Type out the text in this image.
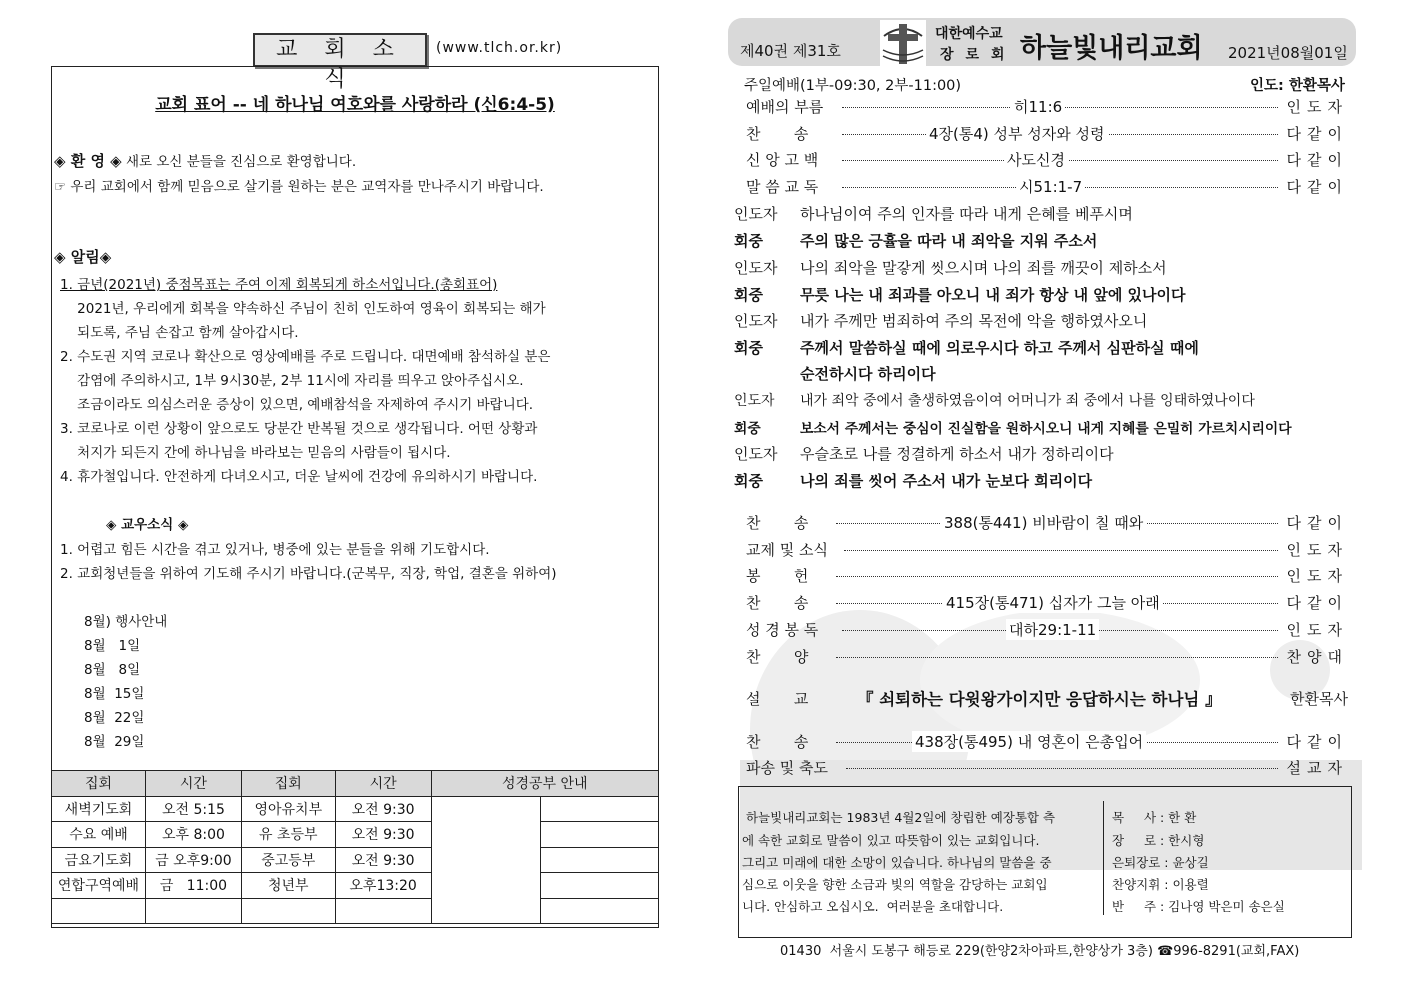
교 회 소 식
(www.tlch.or.kr)
교회 표어 -- 네 하나님 여호와를 사랑하라 (신6:4-5)
◈ 환 영 ◈ 새로 오신 분들을 진심으로 환영합니다.
☞ 우리 교회에서 함께 믿음으로 살기를 원하는 분은 교역자를 만나주시기 바랍니다.
◈ 알림◈
1. 금년(2021년) 중점목표는 주여 이제 회복되게 하소서입니다.(총회표어)
2021년, 우리에게 회복을 약속하신 주님이 친히 인도하여 영육이 회복되는 해가
되도록, 주님 손잡고 함께 살아갑시다.
2. 수도권 지역 코로나 확산으로 영상예배를 주로 드립니다. 대면예배 참석하실 분은
감염에 주의하시고, 1부 9시30분, 2부 11시에 자리를 띄우고 앉아주십시오.
조금이라도 의심스러운 증상이 있으면, 예배참석을 자제하여 주시기 바랍니다.
3. 코로나로 이런 상황이 앞으로도 당분간 반복될 것으로 생각됩니다. 어떤 상황과
처지가 되든지 간에 하나님을 바라보는 믿음의 사람들이 됩시다.
4. 휴가철입니다. 안전하게 다녀오시고, 더운 날씨에 건강에 유의하시기 바랍니다.
◈ 교우소식 ◈
1. 어렵고 힘든 시간을 겪고 있거나, 병중에 있는 분들을 위해 기도합시다.
2. 교회청년들을 위하여 기도해 주시기 바랍니다.(군복무, 직장, 학업, 결혼을 위하여)
8월) 행사안내
8월   1일
8월   8일
8월  15일
8월  22일
8월  29일
집회	시간	집회	시간	성경공부 안내	
새벽기도회	오전 5:15	영아유치부	오전 9:30		
수요 예배	오후 8:00	유 초등부	오전 9:30		
금요기도회	금 오후9:00	중고등부	오전 9:30		
연합구역예배	금   11:00	청년부	오후13:20		

제40권 제31호
대한예수교
장로회 하늘빛내리교회 2021년08월01일
주일예배(1부-09:30, 2부-11:00)	인도: 한환목사
예배의 부름	히11:6	인도자
찬       송	4장(통4) 성부 성자와 성령	다같이
신 앙 고 백	사도신경	다같이
말 씀 교 독	시51:1-7	다같이
인도자 하나님이여 주의 인자를 따라 내게 은혜를 베푸시며
회중 주의 많은 긍휼을 따라 내 죄악을 지워 주소서
인도자 나의 죄악을 말갛게 씻으시며 나의 죄를 깨끗이 제하소서
회중 무릇 나는 내 죄과를 아오니 내 죄가 항상 내 앞에 있나이다
인도자 내가 주께만 범죄하여 주의 목전에 악을 행하였사오니
회중 주께서 말씀하실 때에 의로우시다 하고 주께서 심판하실 때에
순전하시다 하리이다
인도자 내가 죄악 중에서 출생하였음이여 어머니가 죄 중에서 나를 잉태하였나이다
회중	보소서 주께서는 중심이 진실함을 원하시오니 내게 지혜를 은밀히 가르치시리이다
인도자 우슬초로 나를 정결하게 하소서 내가 정하리이다
회중 나의 죄를 씻어 주소서 내가 눈보다 희리이다
찬       송	388(통441) 비바람이 칠 때와	다같이
교제 및 소식	인도자
봉       헌	인도자
찬       송	415장(통471) 십자가 그늘 아래	다같이
성 경 봉 독	대하29:1-11	인도자
찬       양	찬양대
설       교	『 쇠퇴하는 다윗왕가이지만 응답하시는 하나님 』	한환목사
찬       송	438장(통495) 내 영혼이 은총입어	다같이
파송 및 축도	설교자
하늘빛내리교회는 1983년 4월2일에 창립한 예장통합 측
에 속한 교회로 말씀이 있고 따뜻함이 있는 교회입니다.
그리고 미래에 대한 소망이 있습니다. 하나님의 말씀을 중
심으로 이웃을 향한 소금과 빛의 역할을 감당하는 교회입
니다. 안심하고 오십시오.  여러분을 초대합니다.
목     사 : 한 환
장     로 : 한시형
은퇴장로 : 윤상길
찬양지휘 : 이용렬
반     주 : 김나영 박은미 송은실
01430  서울시 도봉구 해등로 229(한양2차아파트,한양상가 3층) ☎996-8291(교회,FAX)
